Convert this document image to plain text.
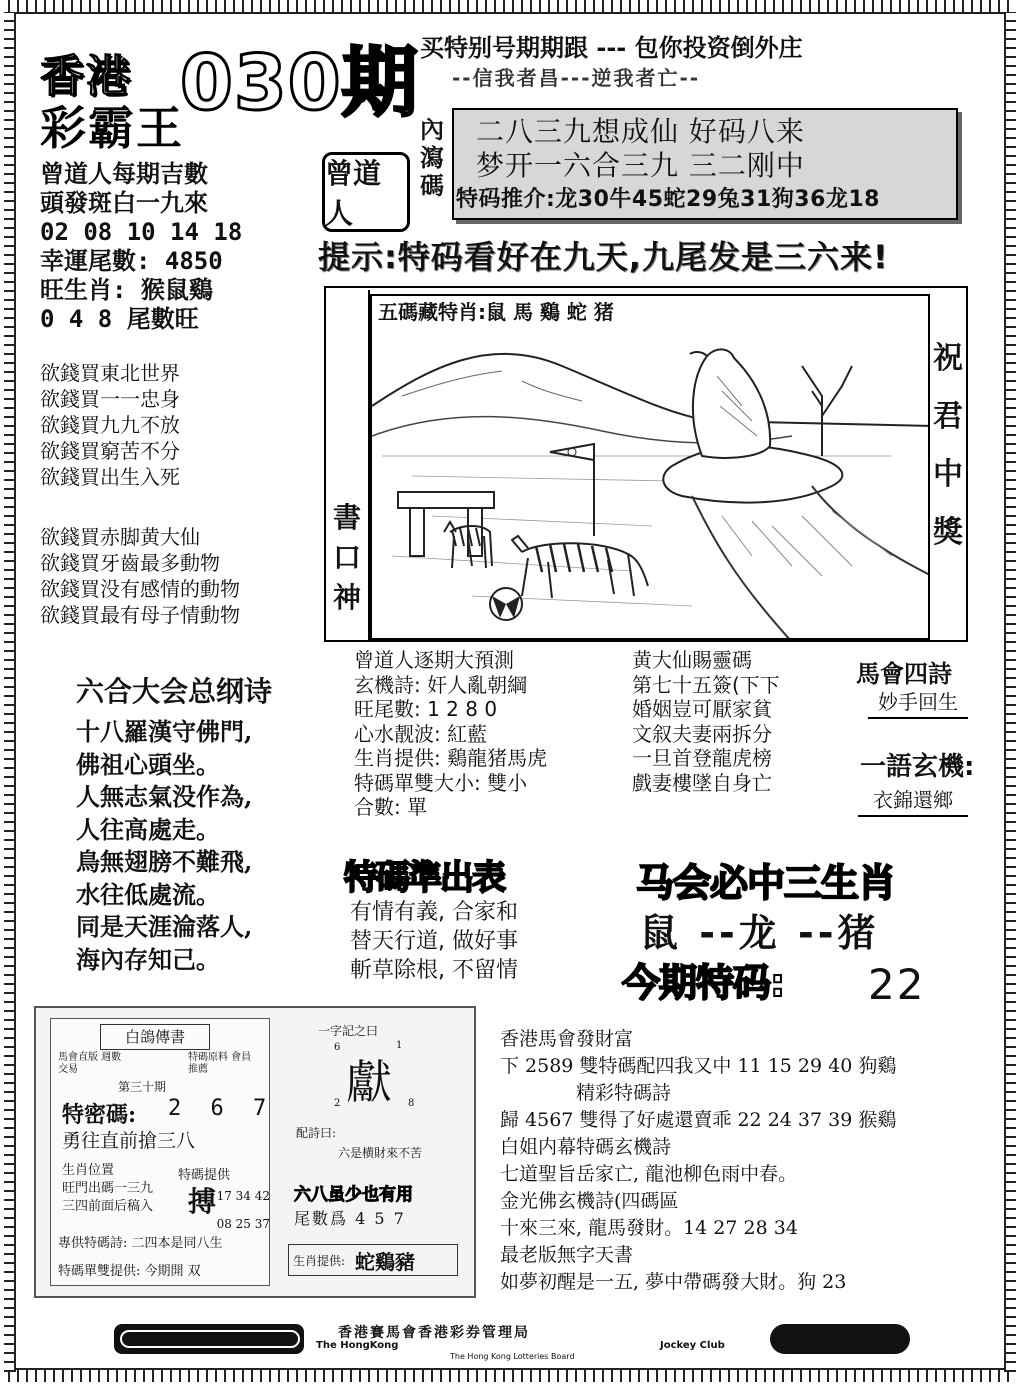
香港 030期
彩霸王
买特别号期期跟 --- 包你投资倒外庄
--信我者昌---逆我者亡--
曾道人每期吉數
頭發斑白一九來
02 08 10 14 18
幸運尾數: 4850
旺生肖: 猴鼠鷄
0 4 8 尾數旺
欲錢買東北世界
欲錢買一一忠身
欲錢買九九不放
欲錢買窮苦不分
欲錢買出生入死
欲錢買赤脚黄大仙
欲錢買牙齒最多動物
欲錢買没有感情的動物
欲錢買最有母子情動物
曾道人
內瀉碼
二八三九想成仙 好码八来
梦开一六合三九 三二刚中
特码推介:龙30牛45蛇29兔31狗36龙18
提示:特码看好在九天,九尾发是三六来!
書口神
五碼藏特肖:鼠 馬 鷄 蛇 猪
祝君中獎
六合大会总纲诗
十八羅漢守佛門,
佛祖心頭坐。
人無志氣没作為,
人往高處走。
鳥無翅膀不難飛,
水往低處流。
同是天涯淪落人,
海內存知己。
曾道人逐期大預測
玄機詩: 奸人亂朝綱
旺尾數: 1 2 8 0
心水靓波: 紅藍
生肖提供: 鷄龍猪馬虎
特碼單雙大小: 雙小
合數: 單
黄大仙賜靈碼
第七十五簽(下下
婚姻豈可厭家貧
文叙夫妻兩拆分
一旦首登龍虎榜
戲妻樓墜自身亡
馬會四詩
妙手回生
一語玄機:
衣錦還鄉
特碼準出表
有情有義, 合家和
替天行道, 做好事
斬草除根, 不留情
马会必中三生肖
鼠 --龙 --猪
今期特码: 22
白鴿傳書
馬會直版 週數交易
特碼原料 會員推薦
第三十期
特密碼: 2 6 7
勇往直前搶三八
生肖位置
旺門出碼一三九
三四前面后稿入
特碼提供
搏 17 34 42
08 25 37
專供特碼詩: 二四本是同八生
特碼單雙提供: 今期開 双
一字記之曰
獻
6	1
2	8
配詩曰:
六是横財來不苦
六八虽少也有用
尾數爲 4 5 7
生肖提供: 蛇鷄豬
香港馬會發財富
下 2589 雙特碼配四我又中 11 15 29 40 狗鷄
精彩特碼詩
歸 4567 雙得了好處還賣乖 22 24 37 39 猴鷄
白姐内幕特碼玄機詩
七道聖旨岳家亡, 龍池柳色雨中春。
金光佛玄機詩(四碼區
十來三來, 龍馬發財。14 27 28 34
最老版無字天書
如夢初醒是一五, 夢中帶碼發大財。狗 23
香港賽馬會香港彩券管理局
The HongKong	Jockey Club
The Hong Kong Lotteries Board
